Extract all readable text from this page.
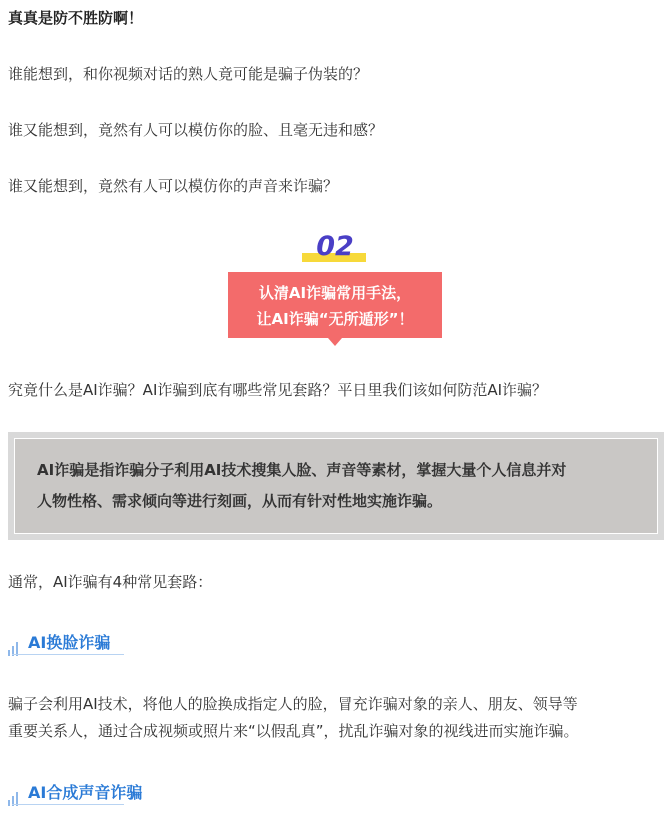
真真是防不胜防啊！
谁能想到，和你视频对话的熟人竟可能是骗子伪装的？
谁又能想到，竟然有人可以模仿你的脸、且毫无违和感？
谁又能想到，竟然有人可以模仿你的声音来诈骗？
02
认清AI诈骗常用手法，
让AI诈骗“无所遁形”！
究竟什么是AI诈骗？AI诈骗到底有哪些常见套路？平日里我们该如何防范AI诈骗？
AI诈骗是指诈骗分子利用AI技术搜集人脸、声音等素材，掌握大量个人信息并对
人物性格、需求倾向等进行刻画，从而有针对性地实施诈骗。
通常，AI诈骗有4种常见套路：
AI换脸诈骗
骗子会利用AI技术，将他人的脸换成指定人的脸，冒充诈骗对象的亲人、朋友、领导等
重要关系人，通过合成视频或照片来“以假乱真”，扰乱诈骗对象的视线进而实施诈骗。
AI合成声音诈骗
